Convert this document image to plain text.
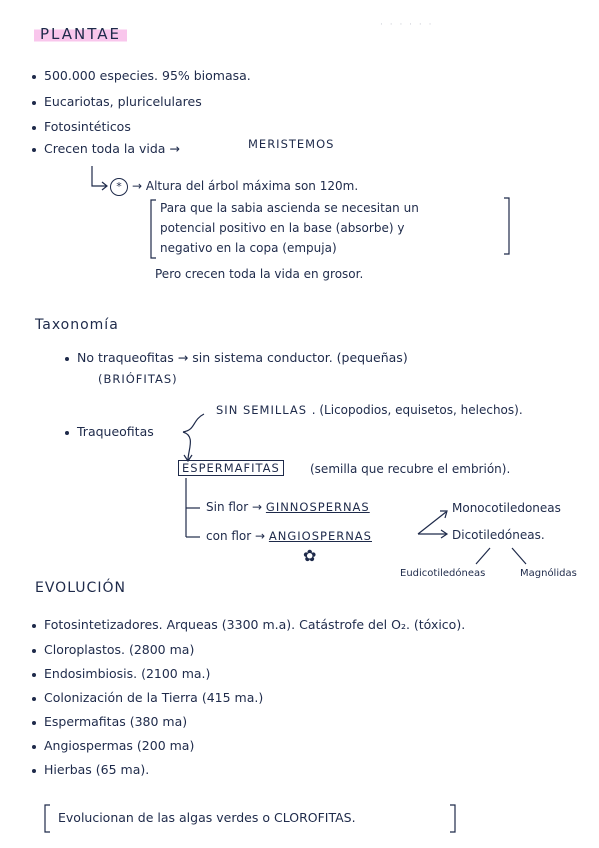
PLANTAE	· · · · · ·
500.000 especies. 95% biomasa.
Eucariotas, pluricelulares
Fotosintéticos
Crecen toda la vida →	MERISTEMOS
* → Altura del árbol máxima son 120m.
Para que la sabia ascienda se necesitan un
potencial positivo en la base (absorbe) y
negativo en la copa (empuja)
Pero crecen toda la vida en grosor.
Taxonomía
No traqueofitas → sin sistema conductor. (pequeñas)
(BRIÓFITAS)
SIN SEMILLAS . (Licopodios, equisetos, helechos).
Traqueofitas
ESPERMAFITAS	(semilla que recubre el embrión).
Sin flor → GINNOSPERNAS
con flor → ANGIOSPERNAS
Monocotiledoneas
Dicotiledóneas.
✿
Eudicotiledóneas	Magnólidas
EVOLUCIÓN
Fotosintetizadores. Arqueas (3300 m.a). Catástrofe del O₂. (tóxico).
Cloroplastos. (2800 ma)
Endosimbiosis. (2100 ma.)
Colonización de la Tierra (415 ma.)
Espermafitas (380 ma)
Angiospermas (200 ma)
Hierbas (65 ma).
Evolucionan de las algas verdes o CLOROFITAS.
